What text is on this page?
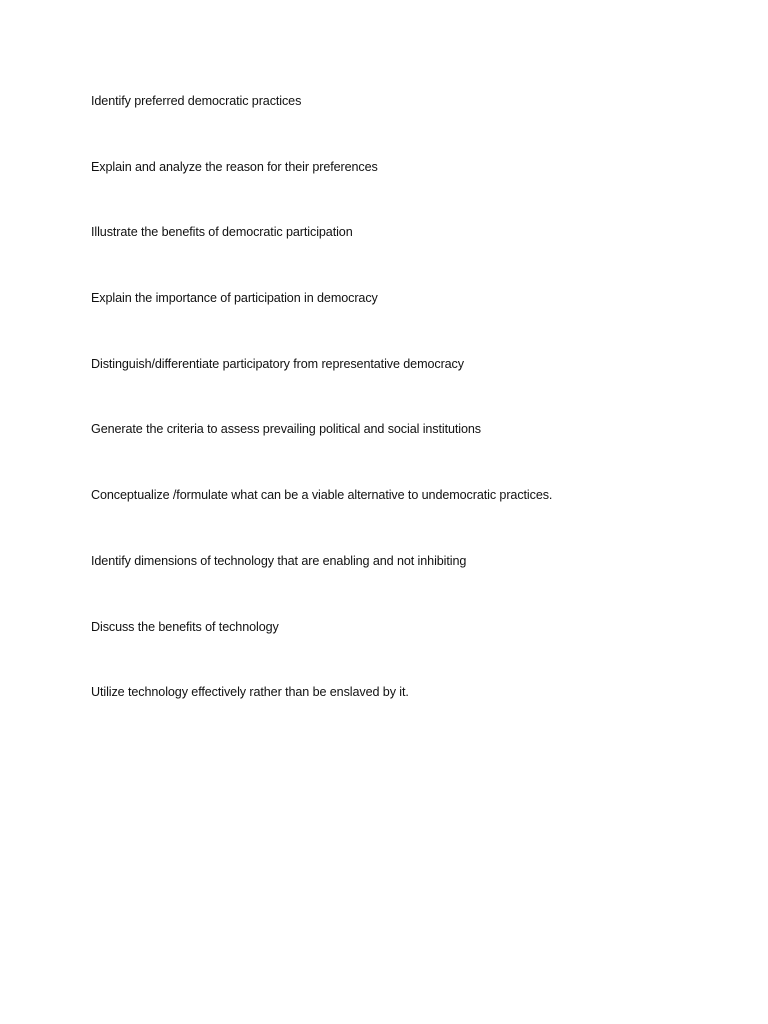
Identify preferred democratic practices
Explain and analyze the reason for their preferences
Illustrate the benefits of democratic participation
Explain the importance of participation in democracy
Distinguish/differentiate participatory from representative democracy
Generate the criteria to assess prevailing political and social institutions
Conceptualize /formulate what can be a viable alternative to undemocratic practices.
Identify dimensions of technology that are enabling and not inhibiting
Discuss the benefits of technology
Utilize technology effectively rather than be enslaved by it.
